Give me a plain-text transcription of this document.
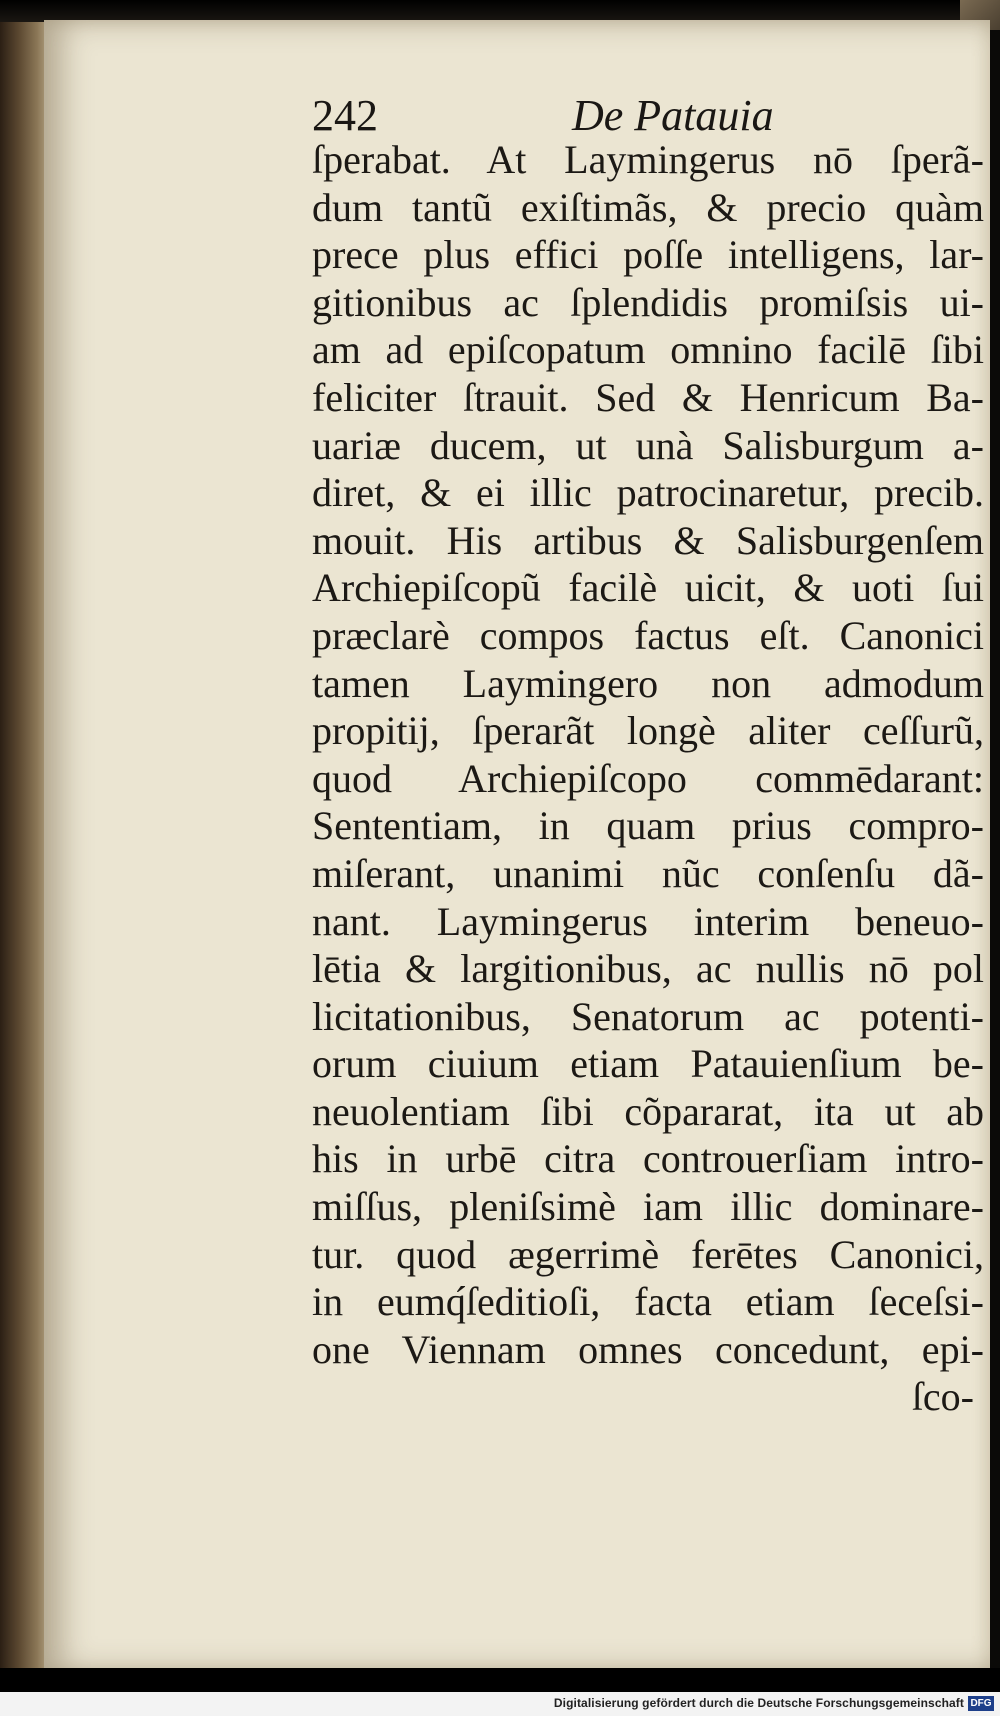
242	De Patauia
ſperabat. At Laymingerus nō ſperã-
dum tantũ exiſtimãs, & precio quàm
prece plus effici poſſe intelligens, lar-
gitionibus ac ſplendidis promiſsis ui-
am ad epiſcopatum omnino facilē ſibi
feliciter ſtrauit. Sed & Henricum Ba-
uariæ ducem, ut unà Salisburgum a-
diret, & ei illic patrocinaretur, precib.
mouit. His artibus & Salisburgenſem
Archiepiſcopũ facilè uicit, & uoti ſui
præclarè compos factus eſt. Canonici
tamen Laymingero non admodum
propitij, ſperarãt longè aliter ceſſurũ,
quod Archiepiſcopo commēdarant:
Sententiam, in quam prius compro-
miſerant, unanimi nũc conſenſu dã-
nant. Laymingerus interim beneuo-
lētia & largitionibus, ac nullis nō pol
licitationibus, Senatorum ac potenti-
orum ciuium etiam Patauienſium be-
neuolentiam ſibi cõpararat, ita ut ab
his in urbē citra controuerſiam intro-
miſſus, pleniſsimè iam illic dominare-
tur. quod ægerrimè ferētes Canonici,
in eumq́ſeditioſi, facta etiam ſeceſsi-
one Viennam omnes concedunt, epi-
ſco-
Digitalisierung gefördert durch die Deutsche Forschungsgemeinschaft DFG
